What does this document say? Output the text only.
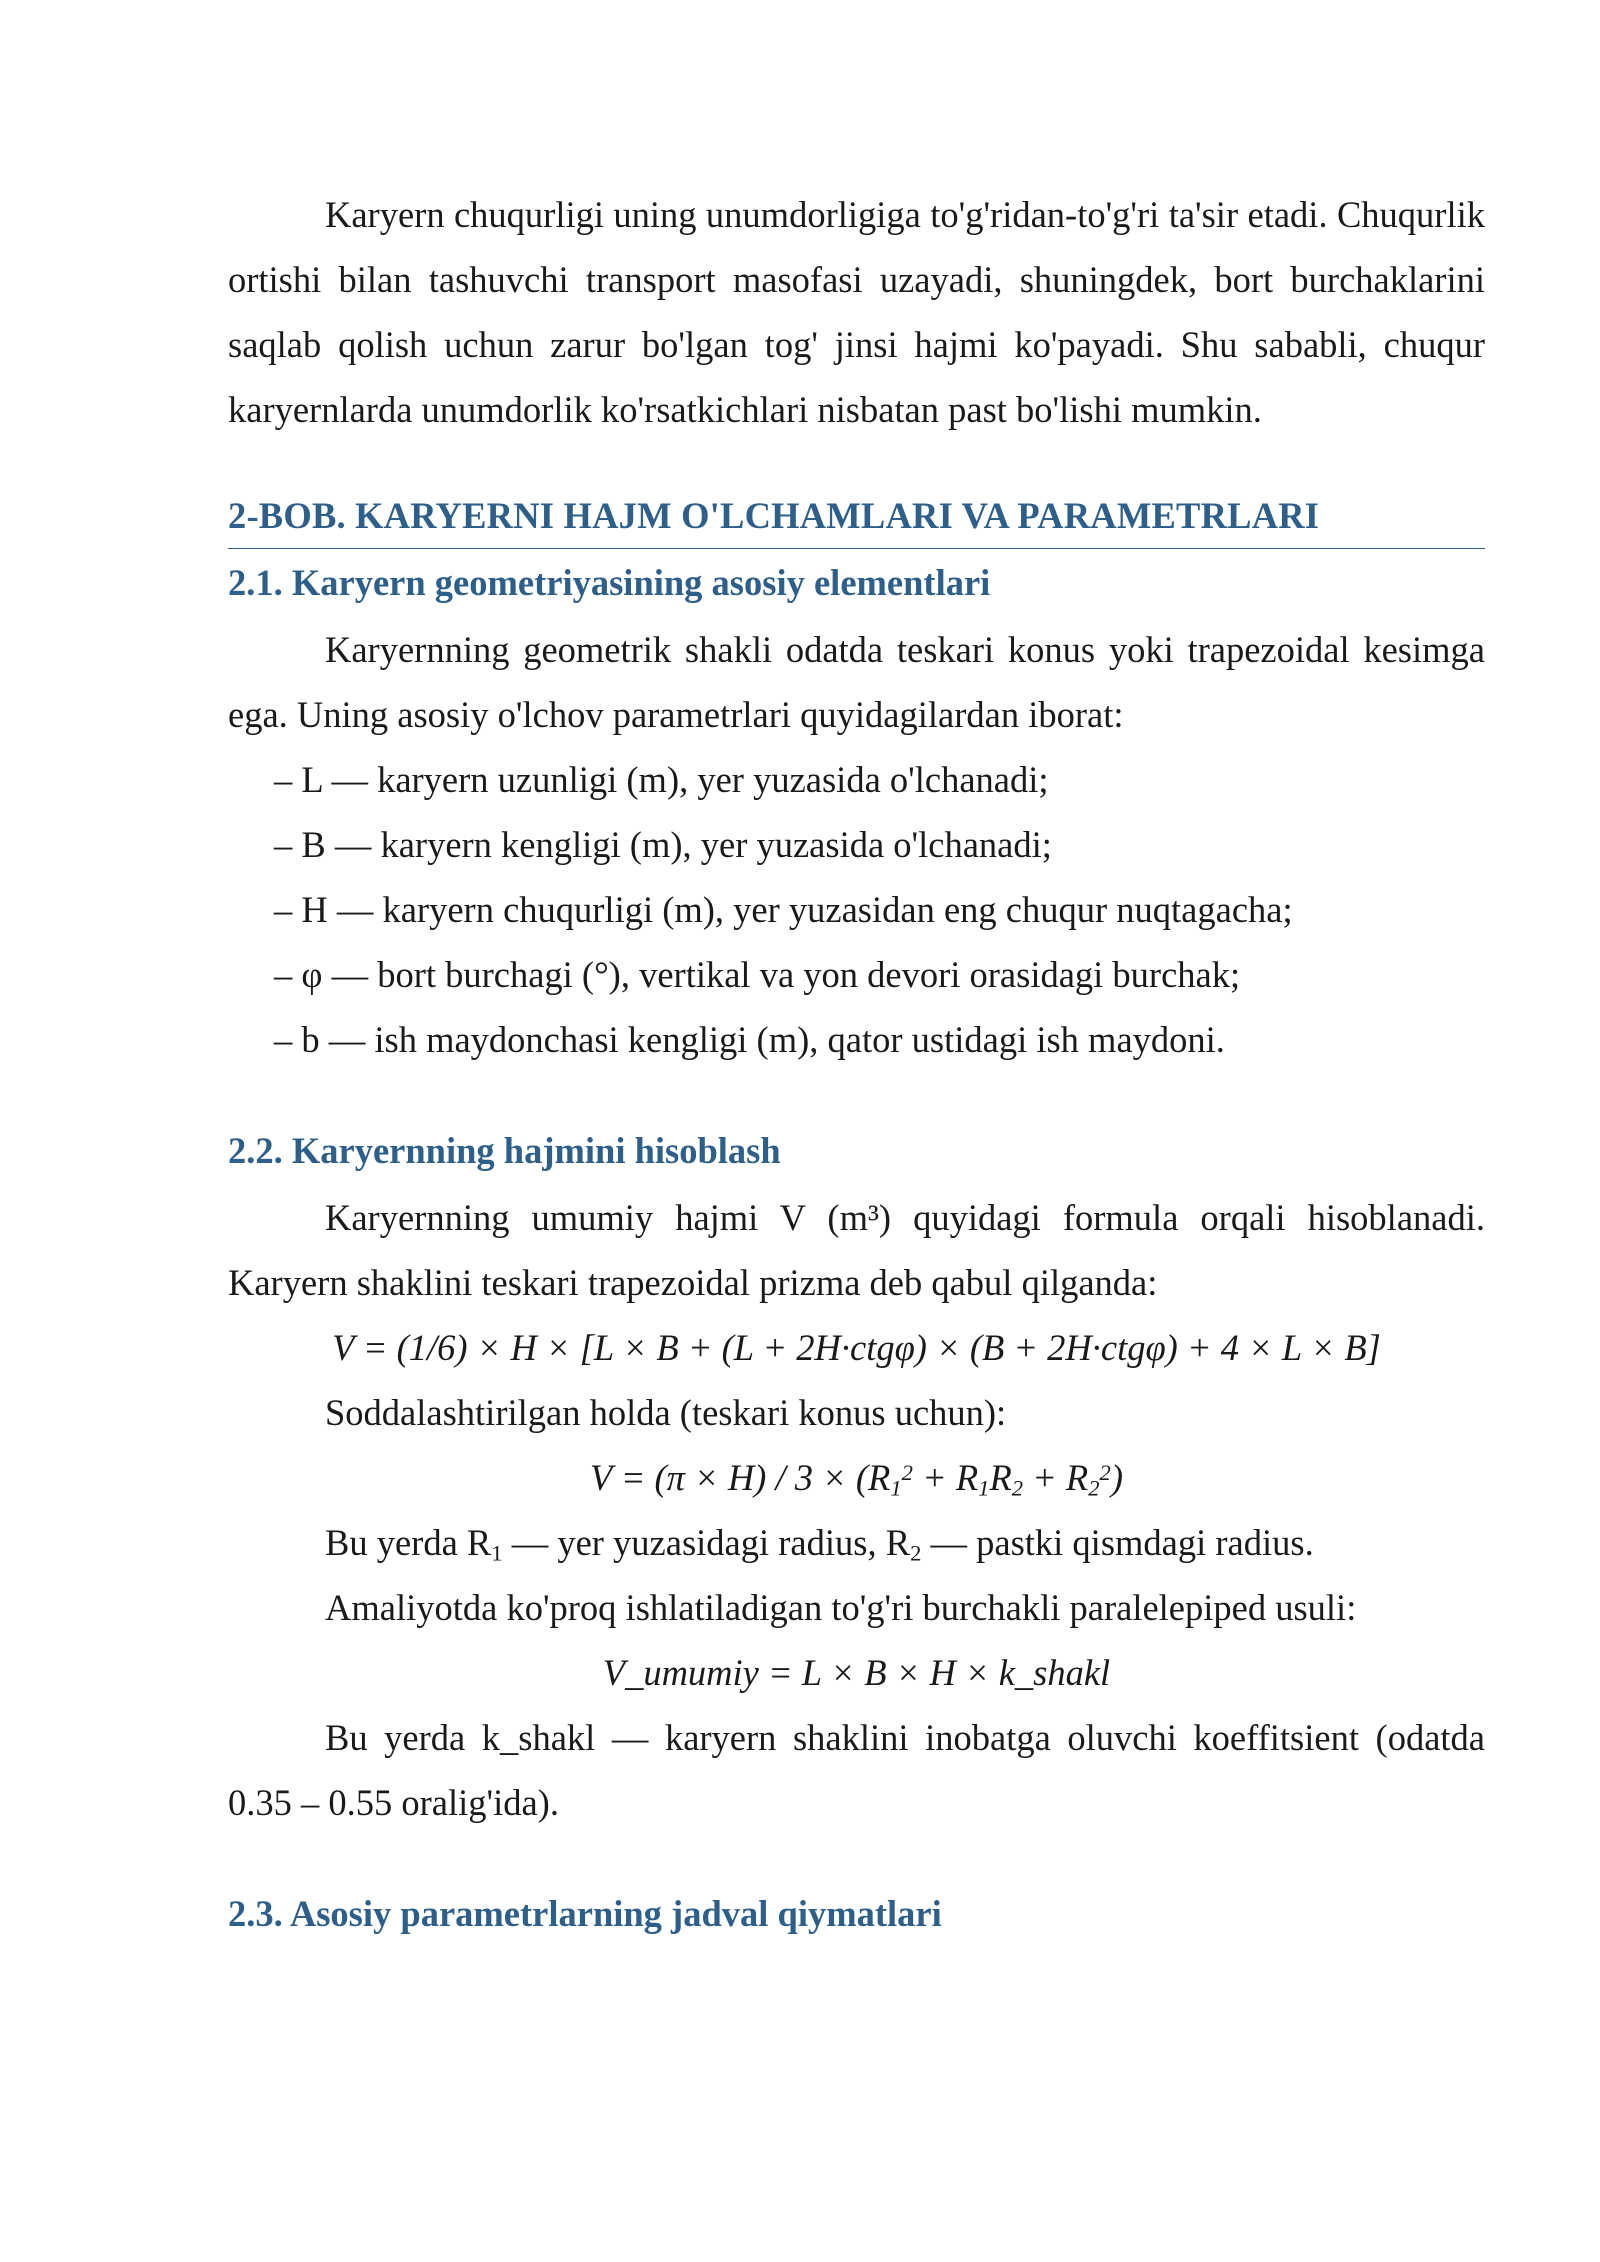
Karyern chuqurligi uning unumdorligiga to'g'ridan-to'g'ri ta'sir etadi. Chuqurlik ortishi bilan tashuvchi transport masofasi uzayadi, shuningdek, bort burchaklarini saqlab qolish uchun zarur bo'lgan tog' jinsi hajmi ko'payadi. Shu sababli, chuqur karyernlarda unumdorlik ko'rsatkichlari nisbatan past bo'lishi mumkin.

2-BOB. KARYERNI HAJM O'LCHAMLARI VA PARAMETRLARI
2.1. Karyern geometriyasining asosiy elementlari

Karyernning geometrik shakli odatda teskari konus yoki trapezoidal kesimga ega. Uning asosiy o'lchov parametrlari quyidagilardan iborat:

– L — karyern uzunligi (m), yer yuzasida o'lchanadi;
– B — karyern kengligi (m), yer yuzasida o'lchanadi;
– H — karyern chuqurligi (m), yer yuzasidan eng chuqur nuqtagacha;
– φ — bort burchagi (°), vertikal va yon devori orasidagi burchak;
– b — ish maydonchasi kengligi (m), qator ustidagi ish maydoni.
2.2. Karyernning hajmini hisoblash

Karyernning umumiy hajmi V (m³) quyidagi formula orqali hisoblanadi. Karyern shaklini teskari trapezoidal prizma deb qabul qilganda:

V = (1/6) × H × [L × B + (L + 2H·ctgφ) × (B + 2H·ctgφ) + 4 × L × B]

Soddalashtirilgan holda (teskari konus uchun):

$V = (\pi \times H) / 3 \times (R_1^2 + R_1R_2 + R_2^2)$

Bu yerda $R_1$ — yer yuzasidagi radius, $R_2$ — pastki qismdagi radius.

Amaliyotda ko'proq ishlatiladigan to'g'ri burchakli paralelepiped usuli:

V_umumiy = L × B × H × k_shakl

Bu yerda k_shakl — karyern shaklini inobatga oluvchi koeffitsient (odatda 0.35 – 0.55 oralig'ida).

2.3. Asosiy parametrlarning jadval qiymatlari
